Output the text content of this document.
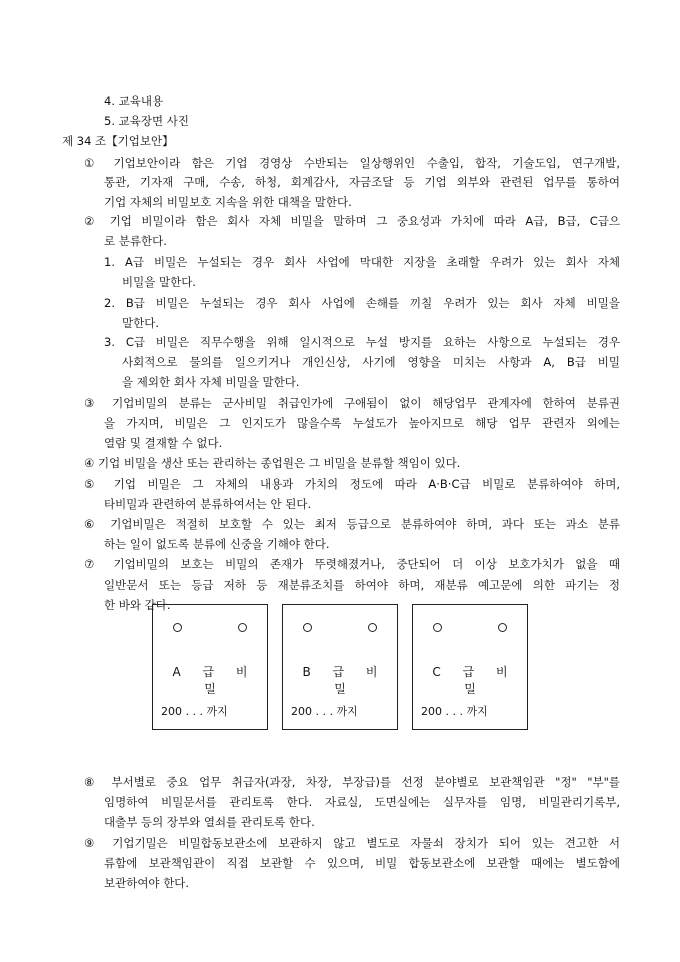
4. 교육내용

5. 교육장면 사진

제 34 조【기업보안】

① 기업보안이라 함은 기업 경영상 수반되는 일상행위인 수출입, 합작, 기술도입, 연구개발,

통관, 기자재 구매, 수송, 하청, 회계감사, 자금조달 등 기업 외부와 관련된 업무를 통하여

기업 자체의 비밀보호 지속을 위한 대책을 말한다.

② 기업 비밀이라 함은 회사 자체 비밀을 말하며 그 중요성과 가치에 따라 A급, B급, C급으

로 분류한다.

1. A급 비밀은 누설되는 경우 회사 사업에 막대한 지장을 초래할 우려가 있는 회사 자체

비밀을 말한다.

2. B급 비밀은 누설되는 경우 회사 사업에 손해를 끼칠 우려가 있는 회사 자체 비밀을

말한다.

3. C급 비밀은 직무수행을 위해 일시적으로 누설 방지를 요하는 사항으로 누설되는 경우

사회적으로 물의를 일으키거나 개인신상, 사기에 영향을 미치는 사항과 A, B급 비밀

을 제외한 회사 자체 비밀을 말한다.

③ 기업비밀의 분류는 군사비밀 취급인가에 구애됨이 없이 해당업무 관계자에 한하여 분류권

을 가지며, 비밀은 그 인지도가 많을수록 누설도가 높아지므로 해당 업무 관련자 외에는

열람 및 결재할 수 없다.

④ 기업 비밀을 생산 또는 관리하는 종업원은 그 비밀을 분류할 책임이 있다.

⑤ 기업 비밀은 그 자체의 내용과 가치의 정도에 따라 A·B·C급 비밀로 분류하여야 하며,

타비밀과 관련하여 분류하여서는 안 된다.

⑥ 기업비밀은 적절히 보호할 수 있는 최저 등급으로 분류하여야 하며, 과다 또는 과소 분류

하는 일이 없도록 분류에 신중을 기해야 한다.

⑦ 기업비밀의 보호는 비밀의 존재가 뚜렷해졌거나, 중단되어 더 이상 보호가치가 없을 때

일반문서 또는 등급 저하 등 재분류조치를 하여야 하며, 재분류 예고문에 의한 파기는 정

한 바와 같다.

A 급 비 밀
200 . . . 까지
B 급 비 밀
200 . . . 까지
C 급 비 밀
200 . . . 까지

⑧ 부서별로 중요 업무 취급자(과장, 차장, 부장급)를 선정 분야별로 보관책임관 "정" "부"를

임명하여 비밀문서를 관리토록 한다. 자료실, 도면실에는 실무자를 임명, 비밀관리기록부,

대출부 등의 장부와 열쇠를 관리토록 한다.

⑨ 기업기밀은 비밀합동보관소에 보관하지 않고 별도로 자물쇠 장치가 되어 있는 견고한 서

류함에 보관책임관이 직접 보관할 수 있으며, 비밀 합동보관소에 보관할 때에는 별도함에

보관하여야 한다.
